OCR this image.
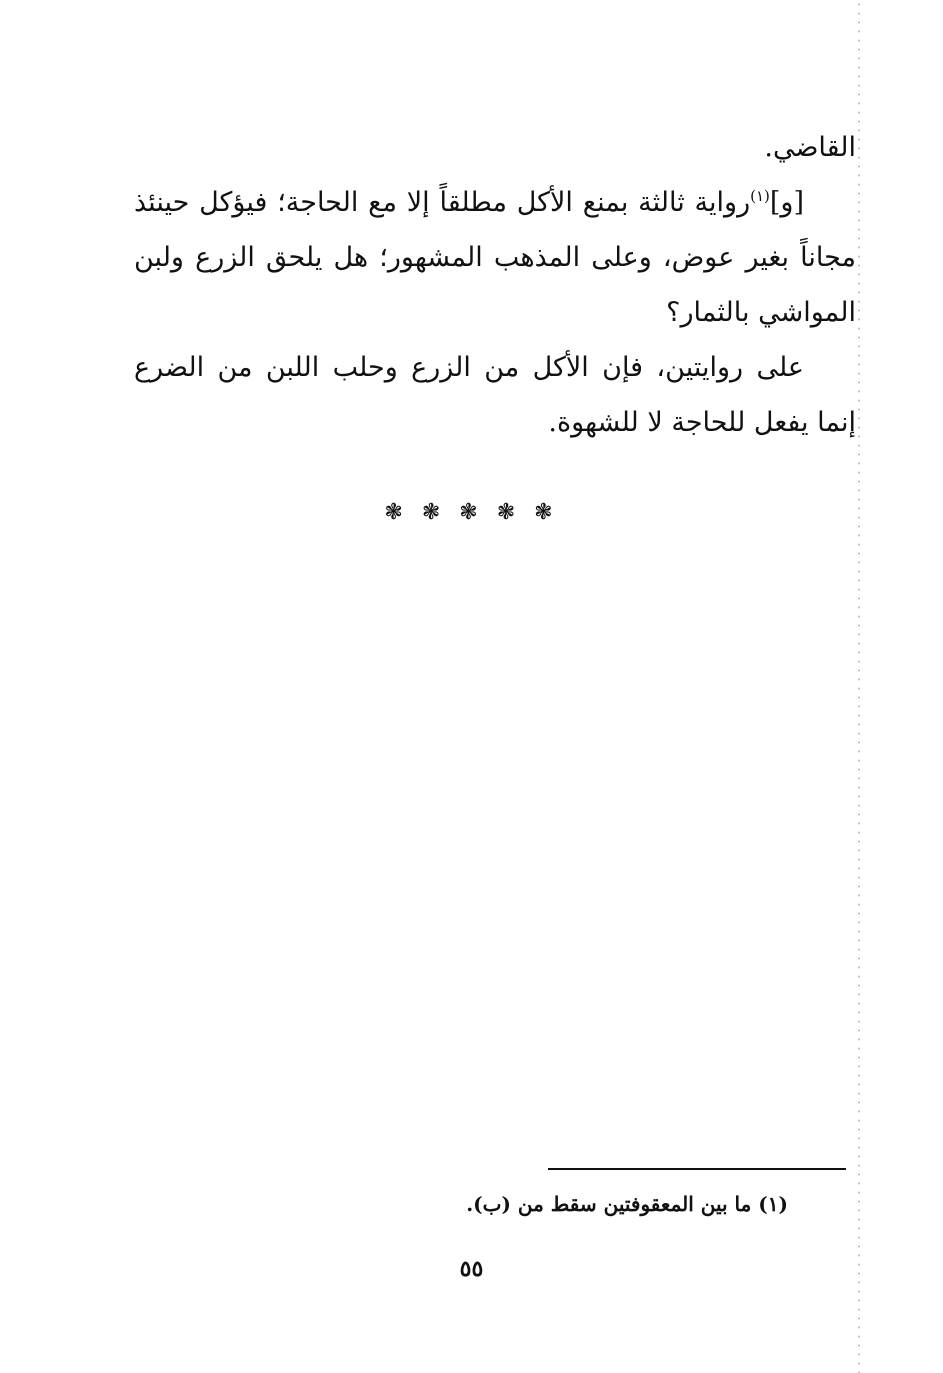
القاضي.

[و]$^{(١)}$رواية ثالثة بمنع الأكل مطلقاً إلا مع الحاجة؛ فيؤكل حينئذ مجاناً بغير عوض، وعلى المذهب المشهور؛ هل يلحق الزرع ولبن المواشي بالثمار؟

على روايتين، فإن الأكل من الزرع وحلب اللبن من الضرع إنما يفعل للحاجة لا للشهوة.

❃ ❃ ❃ ❃ ❃
(١) ما بين المعقوفتين سقط من (ب).
٥٥
